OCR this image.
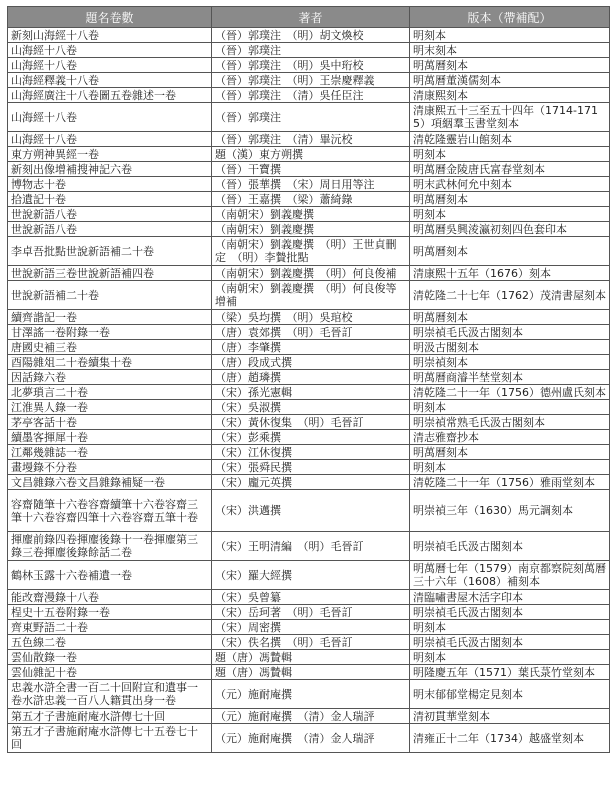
題名卷數	著者	版本（帶補配）
新刻山海經十八卷	（晉）郭璞注　（明）胡文煥校	明刻本
山海經十八卷	（晉）郭璞注	明末刻本
山海經十八卷	（晉）郭璞注　（明）吳中珩校	明萬曆刻本
山海經釋義十八卷	（晉）郭璞注　（明）王崇慶釋義	明萬曆董漢儒刻本
山海經廣注十八卷圖五卷雜述一卷	（晉）郭璞注　（清）吳任臣注	清康熙刻本
山海經十八卷	（晉）郭璞注	清康熙五十三至五十四年（1714-1715）項絪羣玉書堂刻本
山海經十八卷	（晉）郭璞注　（清）畢沅校	清乾隆靈岩山館刻本
東方朔神異經一卷	題（漢）東方朔撰	明刻本
新刻出像增補搜神記六卷	（晉）干寶撰	明萬曆金陵唐氏富春堂刻本
博物志十卷	（晉）張華撰　（宋）周日用等注	明末武林何允中刻本
拾遺記十卷	（晉）王嘉撰　（梁）蕭綺錄	明萬曆刻本
世說新語八卷	（南朝宋）劉義慶撰	明刻本
世說新語八卷	（南朝宋）劉義慶撰	明萬曆吳興淩瀛初刻四色套印本
李卓吾批點世說新語補二十卷	（南朝宋）劉義慶撰　（明）王世貞刪定　（明）李贄批點	明萬曆刻本
世說新語三卷世說新語補四卷	（南朝宋）劉義慶撰　（明）何良俊補	清康熙十五年（1676）刻本
世說新語補二十卷	（南朝宋）劉義慶撰　（明）何良俊等增補	清乾隆二十七年（1762）茂清書屋刻本
續齊諧記一卷	（梁）吳均撰　（明）吳琯校	明萬曆刻本
甘澤謠一卷附錄一卷	（唐）袁郊撰　（明）毛晉訂	明崇禎毛氏汲古閣刻本
唐國史補三卷	（唐）李肇撰	明汲古閣刻本
酉陽雜俎二十卷續集十卷	（唐）段成式撰	明崇禎刻本
因話錄六卷	（唐）趙璘撰	明萬曆商濬半埜堂刻本
北夢瑣言二十卷	（宋）孫光憲輯	清乾隆二十一年（1756）德州盧氏刻本
江淮異人錄一卷	（宋）吳淑撰	明刻本
茅亭客話十卷	（宋）黃休復集　（明）毛晉訂	明崇禎常熟毛氏汲古閣刻本
續墨客揮犀十卷	（宋）彭乘撰	清志雅齋抄本
江鄰幾雜誌一卷	（宋）江休復撰	明萬曆刻本
畫墁錄不分卷	（宋）張舜民撰	明刻本
文昌雜錄六卷文昌雜錄補疑一卷	（宋）龐元英撰	清乾隆二十一年（1756）雅雨堂刻本
容齋隨筆十六卷容齋續筆十六卷容齋三筆十六卷容齋四筆十六卷容齋五筆十卷	（宋）洪邁撰	明崇禎三年（1630）馬元調刻本
揮麈前錄四卷揮麈後錄十一卷揮麈第三錄三卷揮麈後錄餘話二卷	（宋）王明清編　（明）毛晉訂	明崇禎毛氏汲古閣刻本
鶴林玉露十六卷補遺一卷	（宋）羅大經撰	明萬曆七年（1579）南京都察院刻萬曆三十六年（1608）補刻本
能改齋漫錄十八卷	（宋）吳曾纂	清臨嘯書屋木活字印本
桯史十五卷附錄一卷	（宋）岳珂著　（明）毛晉訂	明崇禎毛氏汲古閣刻本
齊東野語二十卷	（宋）周密撰	明刻本
五色線二卷	（宋）佚名撰　（明）毛晉訂	明崇禎毛氏汲古閣刻本
雲仙散錄一卷	題（唐）馮贄輯	明刻本
雲仙雜記十卷	題（唐）馮贄輯	明隆慶五年（1571）葉氏菉竹堂刻本
忠義水滸全書一百二十回附宣和遺事一卷水滸忠義一百八人籍貫出身一卷	（元）施耐庵撰	明末郁郁堂楊定見刻本
第五才子書施耐庵水滸傳七十回	（元）施耐庵撰　（清）金人瑞評	清初貫華堂刻本
第五才子書施耐庵水滸傳七十五卷七十回	（元）施耐庵撰　（清）金人瑞評	清雍正十二年（1734）越盛堂刻本
